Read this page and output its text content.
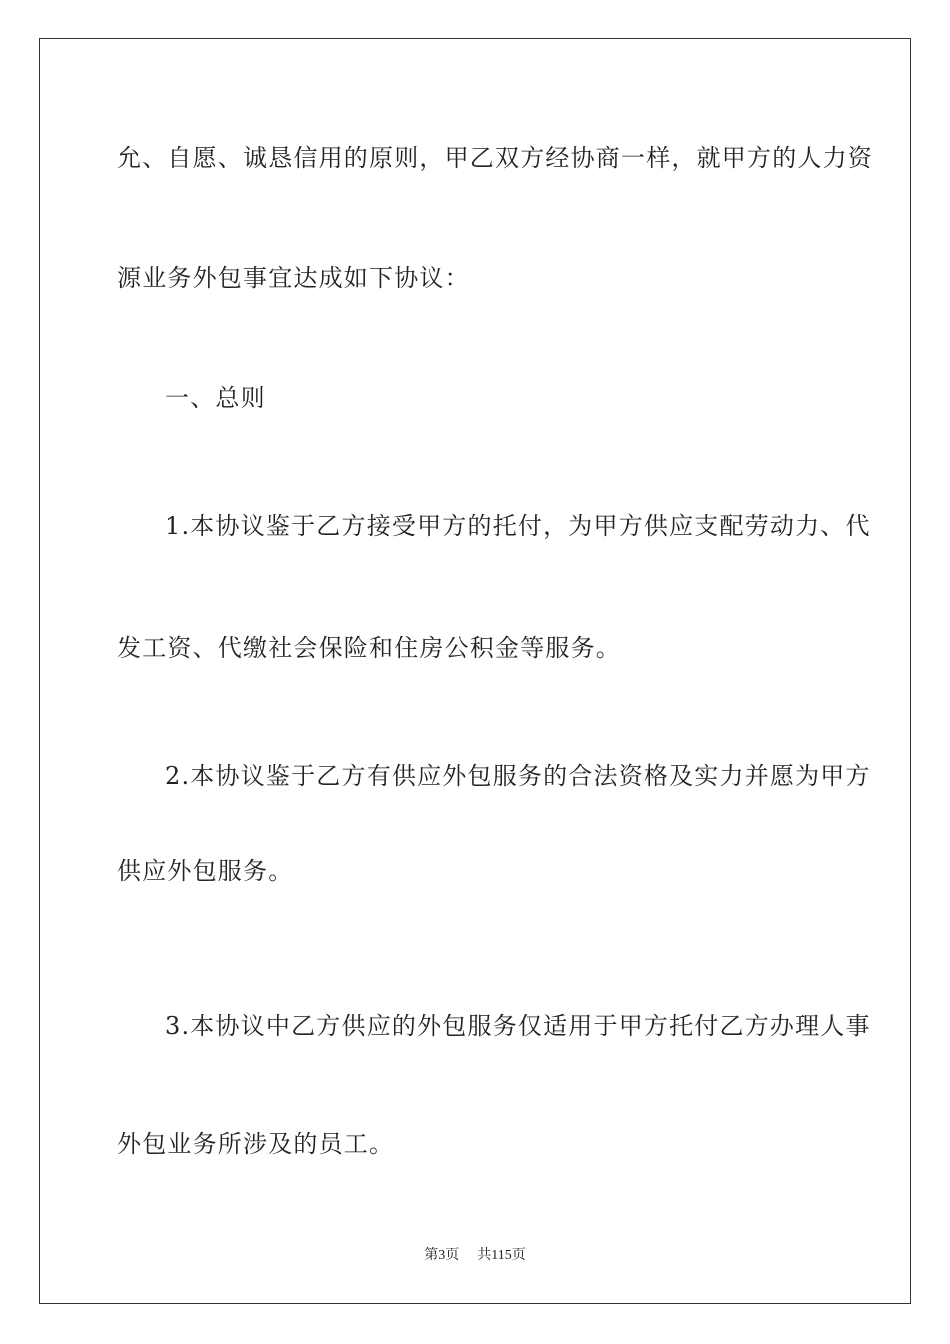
允、自愿、诚恳信用的原则，甲乙双方经协商一样，就甲方的人力资
源业务外包事宜达成如下协议：
一、总则
1.本协议鉴于乙方接受甲方的托付，为甲方供应支配劳动力、代
发工资、代缴社会保险和住房公积金等服务。
2.本协议鉴于乙方有供应外包服务的合法资格及实力并愿为甲方
供应外包服务。
3.本协议中乙方供应的外包服务仅适用于甲方托付乙方办理人事
外包业务所涉及的员工。
第3页 共115页
